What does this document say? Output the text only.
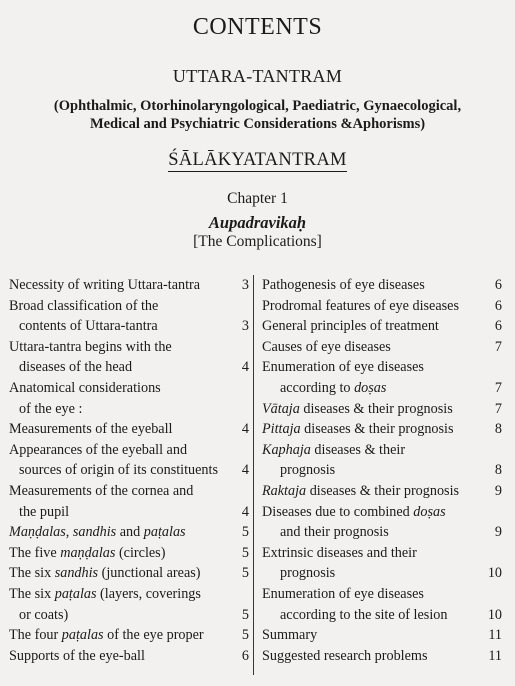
CONTENTS
UTTARA-TANTRAM
(Ophthalmic, Otorhinolaryngological, Paediatric, Gynaecological,
Medical and Psychiatric Considerations &Aphorisms)
ŚĀLĀKYATANTRAM
Chapter 1
Aupadravikaḥ
[The Complications]
Necessity of writing Uttara-tantra	3
Broad classification of the
contents of Uttara-tantra	3
Uttara-tantra begins with the
diseases of the head	4
Anatomical considerations
of the eye :
Measurements of the eyeball	4
Appearances of the eyeball and
sources of origin of its constituents 4
Measurements of the cornea and
the pupil	4
Maṇḍalas, sandhis and paṭalas	5
The five maṇḍalas (circles)	5
The six sandhis (junctional areas)	5
The six paṭalas (layers, coverings
or coats)	5
The four paṭalas of the eye proper	5
Supports of the eye-ball	6
Pathogenesis of eye diseases	6
Prodromal features of eye diseases	6
General principles of treatment	6
Causes of eye diseases	7
Enumeration of eye diseases
according to doṣas	7
Vātaja diseases & their prognosis	7
Pittaja diseases & their prognosis	8
Kaphaja diseases & their
prognosis	8
Raktaja diseases & their prognosis	9
Diseases due to combined doṣas
and their prognosis	9
Extrinsic diseases and their
prognosis	10
Enumeration of eye diseases
according to the site of lesion	10
Summary	11
Suggested research problems	11
